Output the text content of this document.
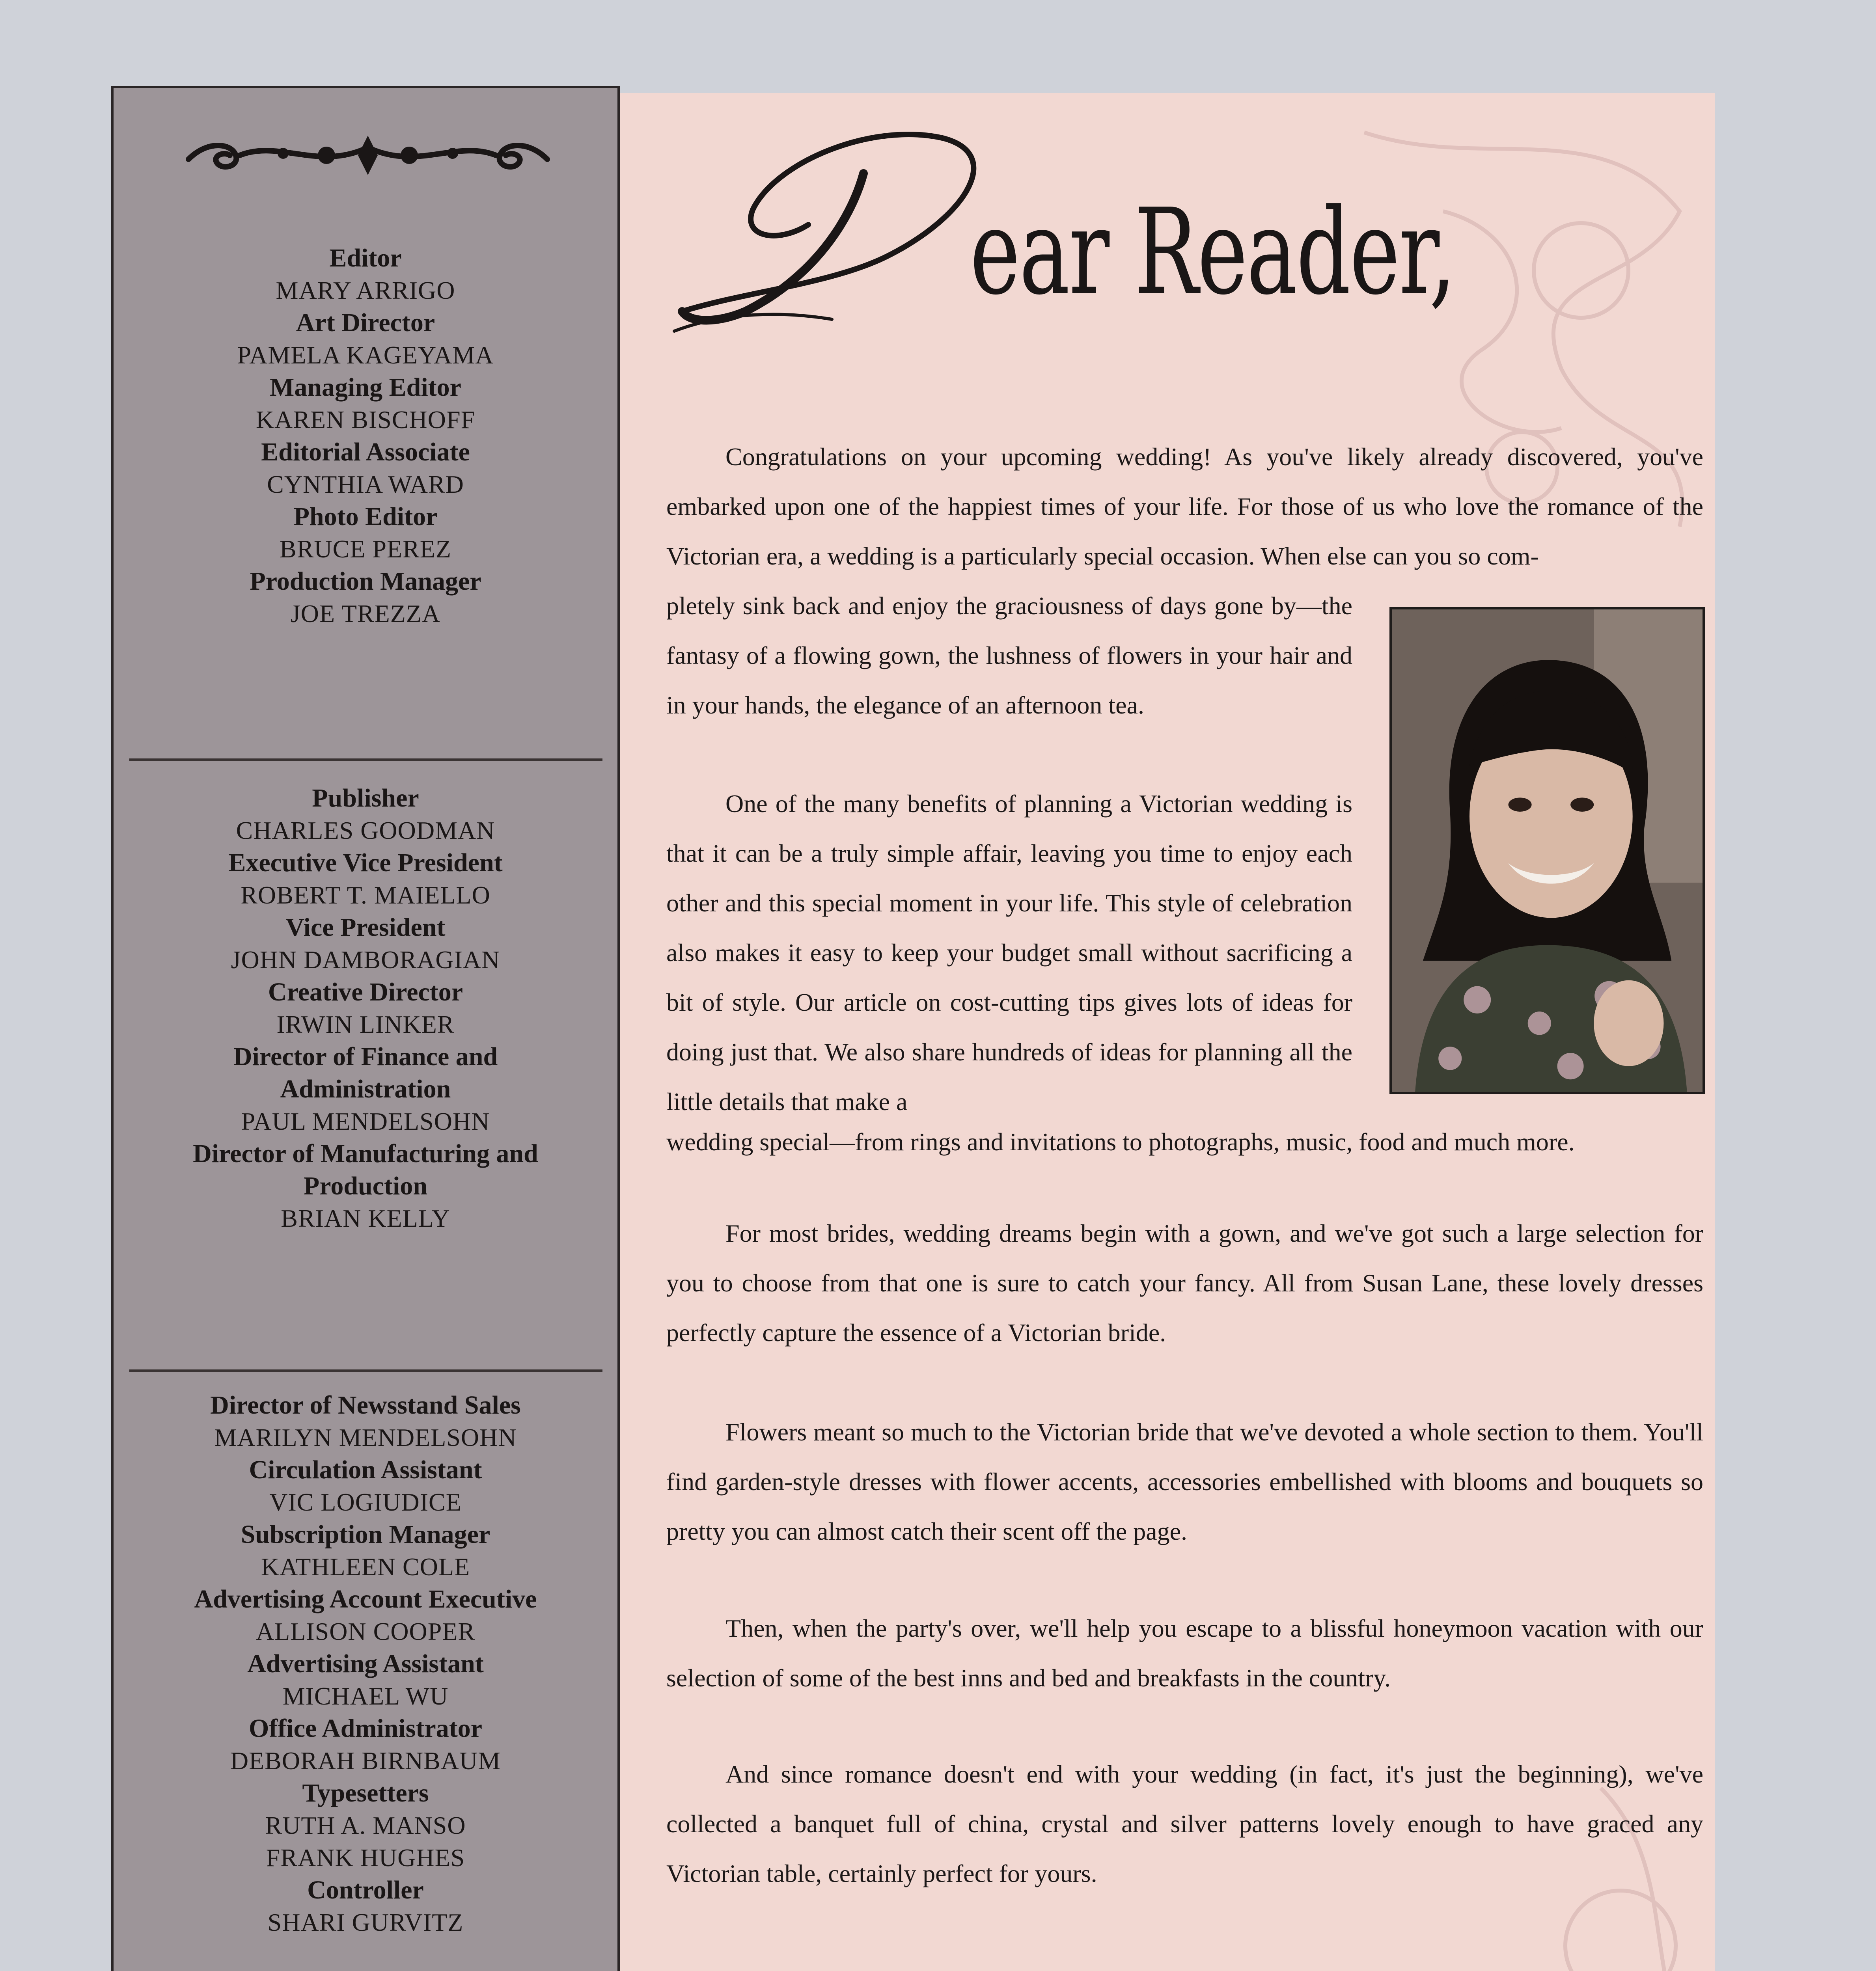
Editor
MARY ARRIGO
Art Director
PAMELA KAGEYAMA
Managing Editor
KAREN BISCHOFF
Editorial Associate
CYNTHIA WARD
Photo Editor
BRUCE PEREZ
Production Manager
JOE TREZZA
Publisher
CHARLES GOODMAN
Executive Vice President
ROBERT T. MAIELLO
Vice President
JOHN DAMBORAGIAN
Creative Director
IRWIN LINKER
Director of Finance and Administration
PAUL MENDELSOHN
Director of Manufacturing and Production
BRIAN KELLY
Director of Newsstand Sales
MARILYN MENDELSOHN
Circulation Assistant
VIC LOGIUDICE
Subscription Manager
KATHLEEN COLE
Advertising Account Executive
ALLISON COOPER
Advertising Assistant
MICHAEL WU
Office Administrator
DEBORAH BIRNBAUM
Typesetters
RUTH A. MANSO
FRANK HUGHES
Controller
SHARI GURVITZ
ear Reader,

Congratulations on your upcoming wedding! As you've likely already discovered, you've embarked upon one of the happiest times of your life. For those of us who love the romance of the Victorian era, a wedding is a particularly special occasion. When else can you so com-

pletely sink back and enjoy the graciousness of days gone by—the fantasy of a flowing gown, the lushness of flowers in your hair and in your hands, the elegance of an afternoon tea.

One of the many benefits of planning a Victorian wedding is that it can be a truly simple affair, leaving you time to enjoy each other and this special moment in your life. This style of celebration also makes it easy to keep your budget small without sacrificing a bit of style. Our article on cost-cutting tips gives lots of ideas for doing just that. We also share hundreds of ideas for planning all the little details that make a

wedding special—from rings and invitations to photographs, music, food and much more.

For most brides, wedding dreams begin with a gown, and we've got such a large selection for you to choose from that one is sure to catch your fancy. All from Susan Lane, these lovely dresses perfectly capture the essence of a Victorian bride.

Flowers meant so much to the Victorian bride that we've devoted a whole section to them. You'll find garden-style dresses with flower accents, accessories embellished with blooms and bouquets so pretty you can almost catch their scent off the page.

Then, when the party's over, we'll help you escape to a blissful honeymoon vacation with our selection of some of the best inns and bed and breakfasts in the country.

And since romance doesn't end with your wedding (in fact, it's just the beginning), we've collected a banquet full of china, crystal and silver patterns lovely enough to have graced any Victorian table, certainly perfect for yours.
